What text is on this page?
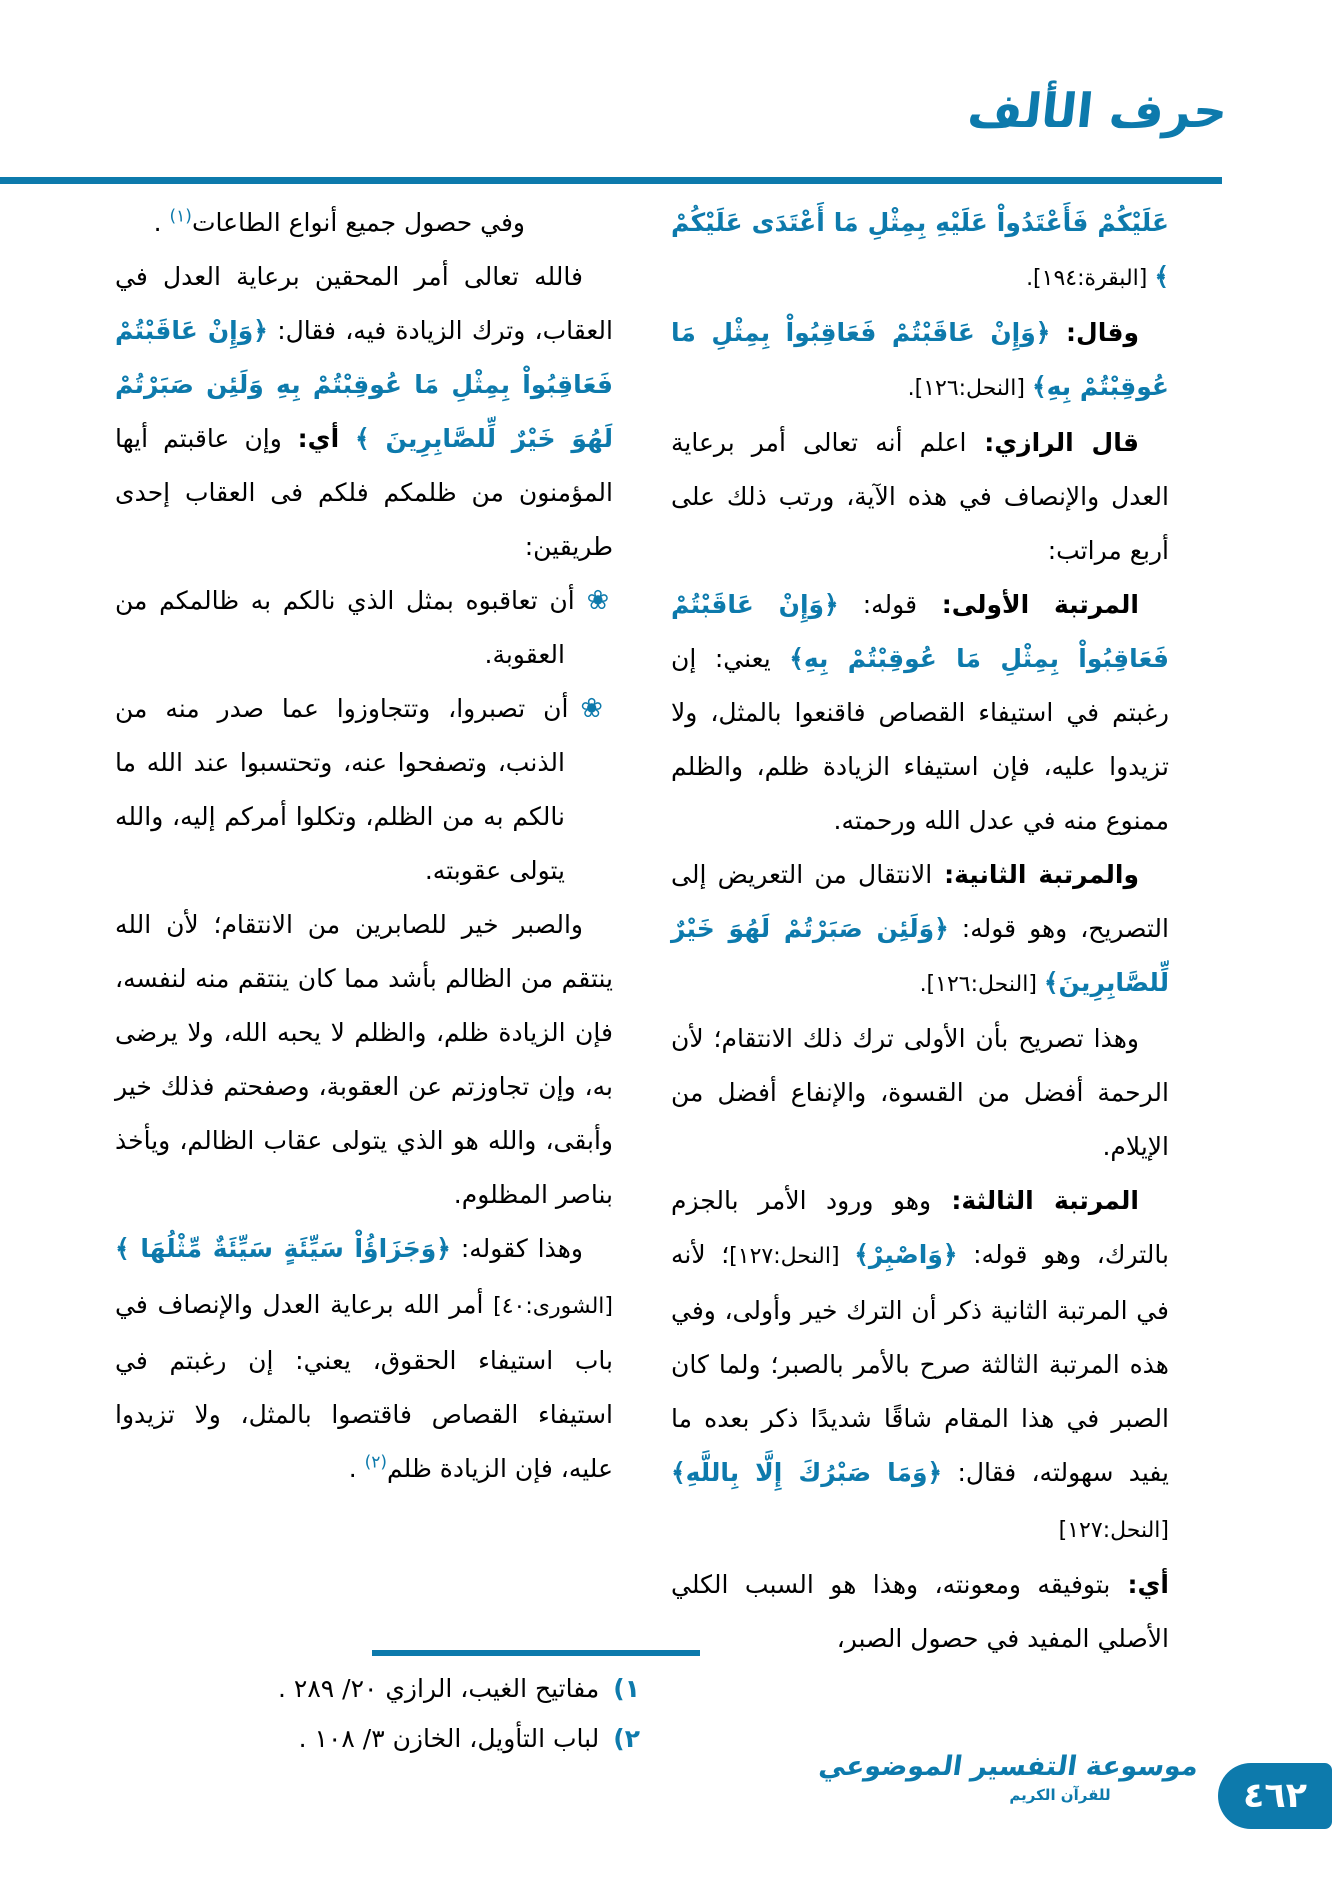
حرف الألف

عَلَيْكُمْ فَأَعْتَدُواْ عَلَيْهِ بِمِثْلِ مَا أَعْتَدَى عَلَيْكُمْ ﴾ [البقرة:١٩٤].

وقال: ﴿وَإِنْ عَاقَبْتُمْ فَعَاقِبُواْ بِمِثْلِ مَا عُوقِبْتُمْ بِهِ﴾ [النحل:١٢٦].

قال الرازي: اعلم أنه تعالى أمر برعاية العدل والإنصاف في هذه الآية، ورتب ذلك على أربع مراتب:

المرتبة الأولى: قوله: ﴿وَإِنْ عَاقَبْتُمْ فَعَاقِبُواْ بِمِثْلِ مَا عُوقِبْتُمْ بِهِ﴾ يعني: إن رغبتم في استيفاء القصاص فاقنعوا بالمثل، ولا تزيدوا عليه، فإن استيفاء الزيادة ظلم، والظلم ممنوع منه في عدل الله ورحمته.

والمرتبة الثانية: الانتقال من التعريض إلى التصريح، وهو قوله: ﴿وَلَئِن صَبَرْتُمْ لَهُوَ خَيْرٌ لِّلصَّابِرِينَ﴾ [النحل:١٢٦].

وهذا تصريح بأن الأولى ترك ذلك الانتقام؛ لأن الرحمة أفضل من القسوة، والإنفاع أفضل من الإيلام.

المرتبة الثالثة: وهو ورود الأمر بالجزم بالترك، وهو قوله: ﴿وَاصْبِرْ﴾ [النحل:١٢٧]؛ لأنه في المرتبة الثانية ذكر أن الترك خير وأولى، وفي هذه المرتبة الثالثة صرح بالأمر بالصبر؛ ولما كان الصبر في هذا المقام شاقًا شديدًا ذكر بعده ما يفيد سهولته، فقال: ﴿وَمَا صَبْرُكَ إِلَّا بِاللَّهِ﴾ [النحل:١٢٧]

أي: بتوفيقه ومعونته، وهذا هو السبب الكلي الأصلي المفيد في حصول الصبر،

وفي حصول جميع أنواع الطاعات$^{(١)}$ .

فالله تعالى أمر المحقين برعاية العدل في العقاب، وترك الزيادة فيه، فقال: ﴿وَإِنْ عَاقَبْتُمْ فَعَاقِبُواْ بِمِثْلِ مَا عُوقِبْتُمْ بِهِ وَلَئِن صَبَرْتُمْ لَهُوَ خَيْرٌ لِّلصَّابِرِينَ ﴾ أي: وإن عاقبتم أيها المؤمنون من ظلمكم فلكم فى العقاب إحدى طريقين:

❀أن تعاقبوه بمثل الذي نالكم به ظالمكم من العقوبة.

❀أن تصبروا، وتتجاوزوا عما صدر منه من الذنب، وتصفحوا عنه، وتحتسبوا عند الله ما نالكم به من الظلم، وتكلوا أمركم إليه، والله يتولى عقوبته.

والصبر خير للصابرين من الانتقام؛ لأن الله ينتقم من الظالم بأشد مما كان ينتقم منه لنفسه، فإن الزيادة ظلم، والظلم لا يحبه الله، ولا يرضى به، وإن تجاوزتم عن العقوبة، وصفحتم فذلك خير وأبقى، والله هو الذي يتولى عقاب الظالم، ويأخذ بناصر المظلوم.

وهذا كقوله: ﴿وَجَزَاؤُاْ سَيِّئَةٍ سَيِّئَةٌ مِّثْلُهَا ﴾ [الشورى:٤٠] أمر الله برعاية العدل والإنصاف في باب استيفاء الحقوق، يعني: إن رغبتم في استيفاء القصاص فاقتصوا بالمثل، ولا تزيدوا عليه، فإن الزيادة ظلم$^{(٢)}$ .

١)مفاتيح الغيب، الرازي ٢٠/ ٢٨٩ .
٢)لباب التأويل، الخازن ٣/ ١٠٨ .
موسوعة التفسير الموضوعي
للقرآن الكريم	٤٦٢
